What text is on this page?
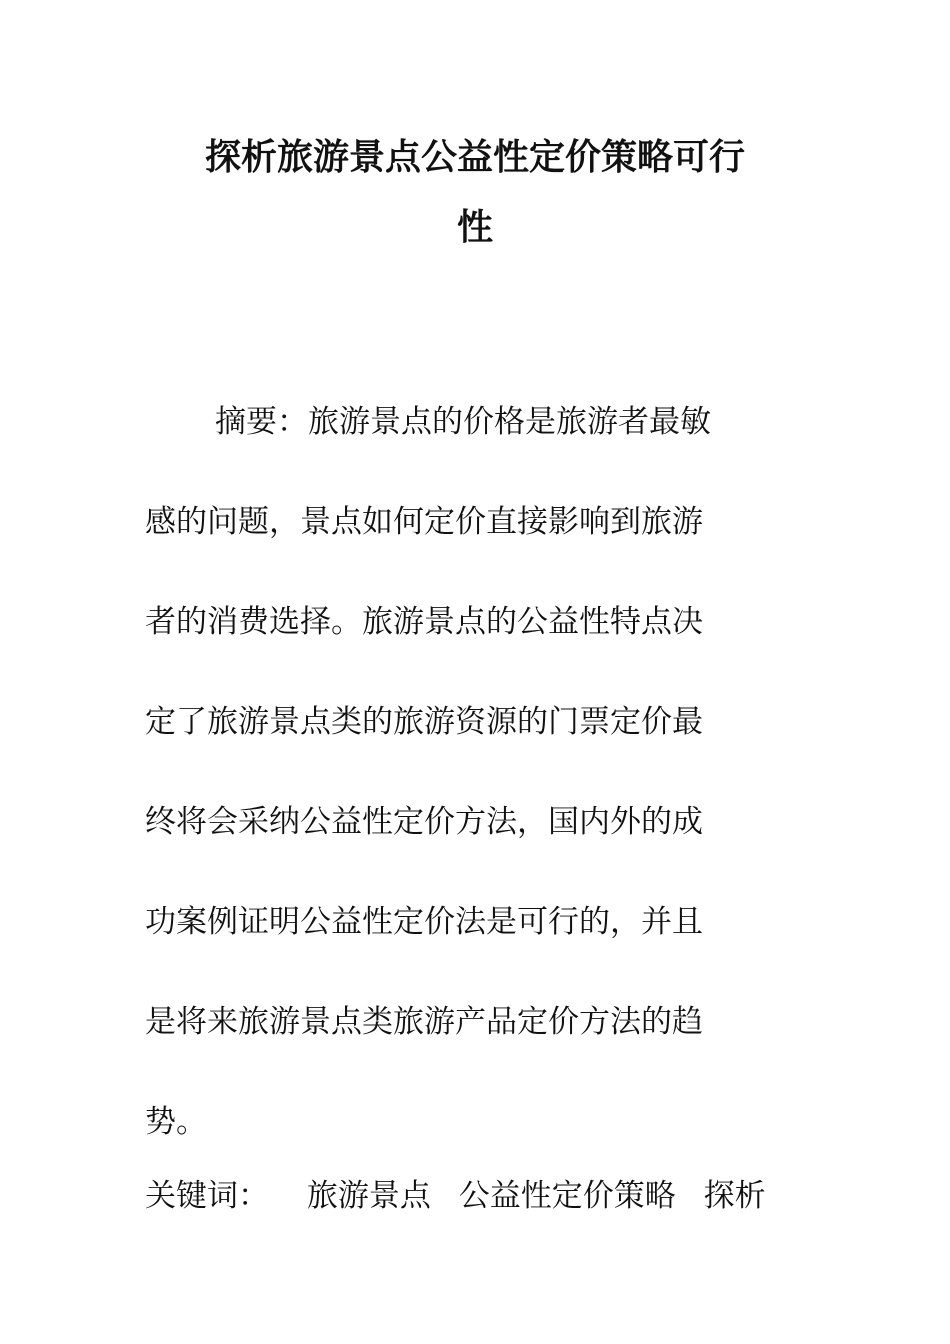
探析旅游景点公益性定价策略可行
性
摘要：旅游景点的价格是旅游者最敏
感的问题，景点如何定价直接影响到旅游
者的消费选择。旅游景点的公益性特点决
定了旅游景点类的旅游资源的门票定价最
终将会采纳公益性定价方法，国内外的成
功案例证明公益性定价法是可行的，并且
是将来旅游景点类旅游产品定价方法的趋
势。
关键词： 旅游景点 公益性定价策略 探析
